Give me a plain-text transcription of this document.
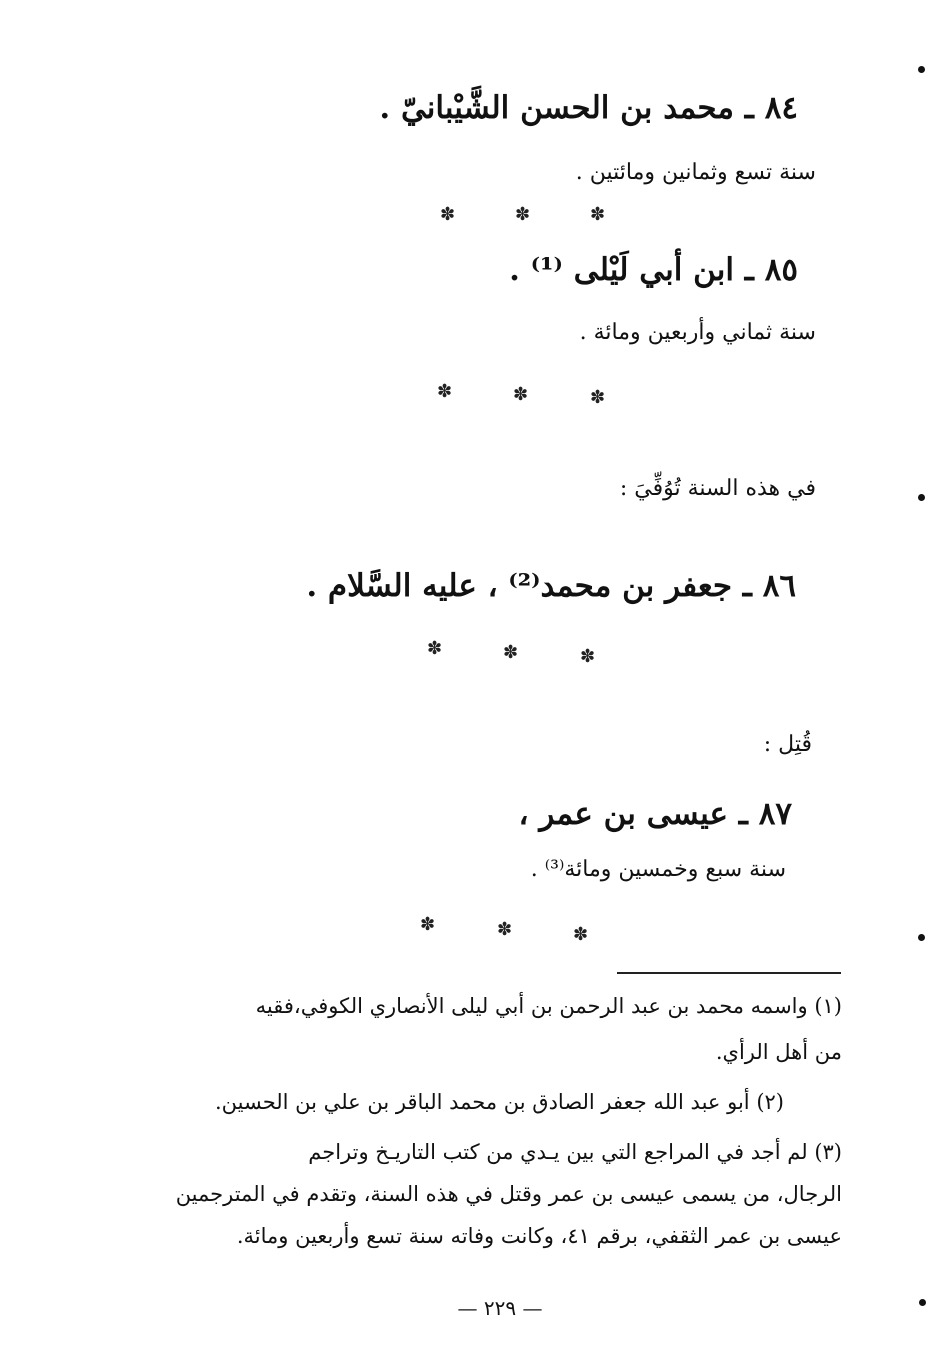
٨٤ ـ محمد بن الحسن الشَّيْبانيّ .
سنة تسع وثمانين ومائتين .
✽	✽	✽
٨٥ ـ ابن أبي لَيْلى ⁽¹⁾ .
سنة ثماني وأربعين ومائة .
✽	✽	✽
في هذه السنة تُوُفِّيَ :
٨٦ ـ جعفر بن محمد⁽²⁾ ، عليه السَّلام .
✽	✽	✽
قُتِل :
٨٧ ـ عيسى بن عمر ،
سنة سبع وخمسين ومائة⁽³⁾ .
✽	✽	✽
(١) واسمه محمد بن عبد الرحمن بن أبي ليلى الأنصاري الكوفي،فقيه
من أهل الرأي.
(٢) أبو عبد الله جعفر الصادق بن محمد الباقر بن علي بن الحسين.
(٣) لم أجد في المراجع التي بين يـدي من كتب التاريـخ وتراجم
الرجال، من يسمى عيسى بن عمر وقتل في هذه السنة، وتقدم في المترجمين
عيسى بن عمر الثقفي، برقم ٤١، وكانت وفاته سنة تسع وأربعين ومائة.
— ٢٢٩ —
